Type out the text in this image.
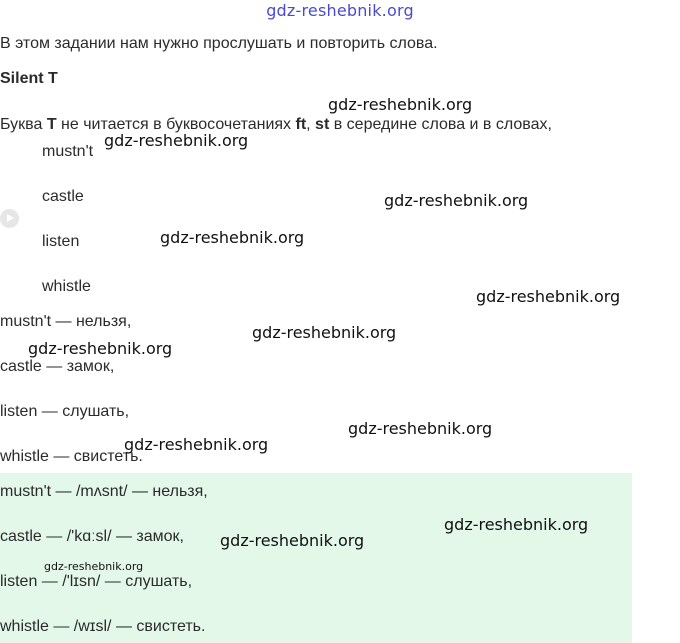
gdz-reshebnik.org
В этом задании нам нужно прослушать и повторить слова.
Silent T
Буква T не читается в буквосочетаниях ft, st в середине слова и в словах,
mustn't
castle
listen
whistle
mustn't — нельзя,
castle — замок,
listen — слушать,
whistle — свистеть.
mustn't — /mʌsnt/ — нельзя,
castle — /'kɑːsl/ — замок,
listen — /'lɪsn/ — слушать,
whistle — /wɪsl/ — свистеть.
gdz-reshebnik.org
gdz-reshebnik.org
gdz-reshebnik.org
gdz-reshebnik.org
gdz-reshebnik.org
gdz-reshebnik.org
gdz-reshebnik.org
gdz-reshebnik.org
gdz-reshebnik.org
gdz-reshebnik.org
gdz-reshebnik.org
gdz-reshebnik.org
